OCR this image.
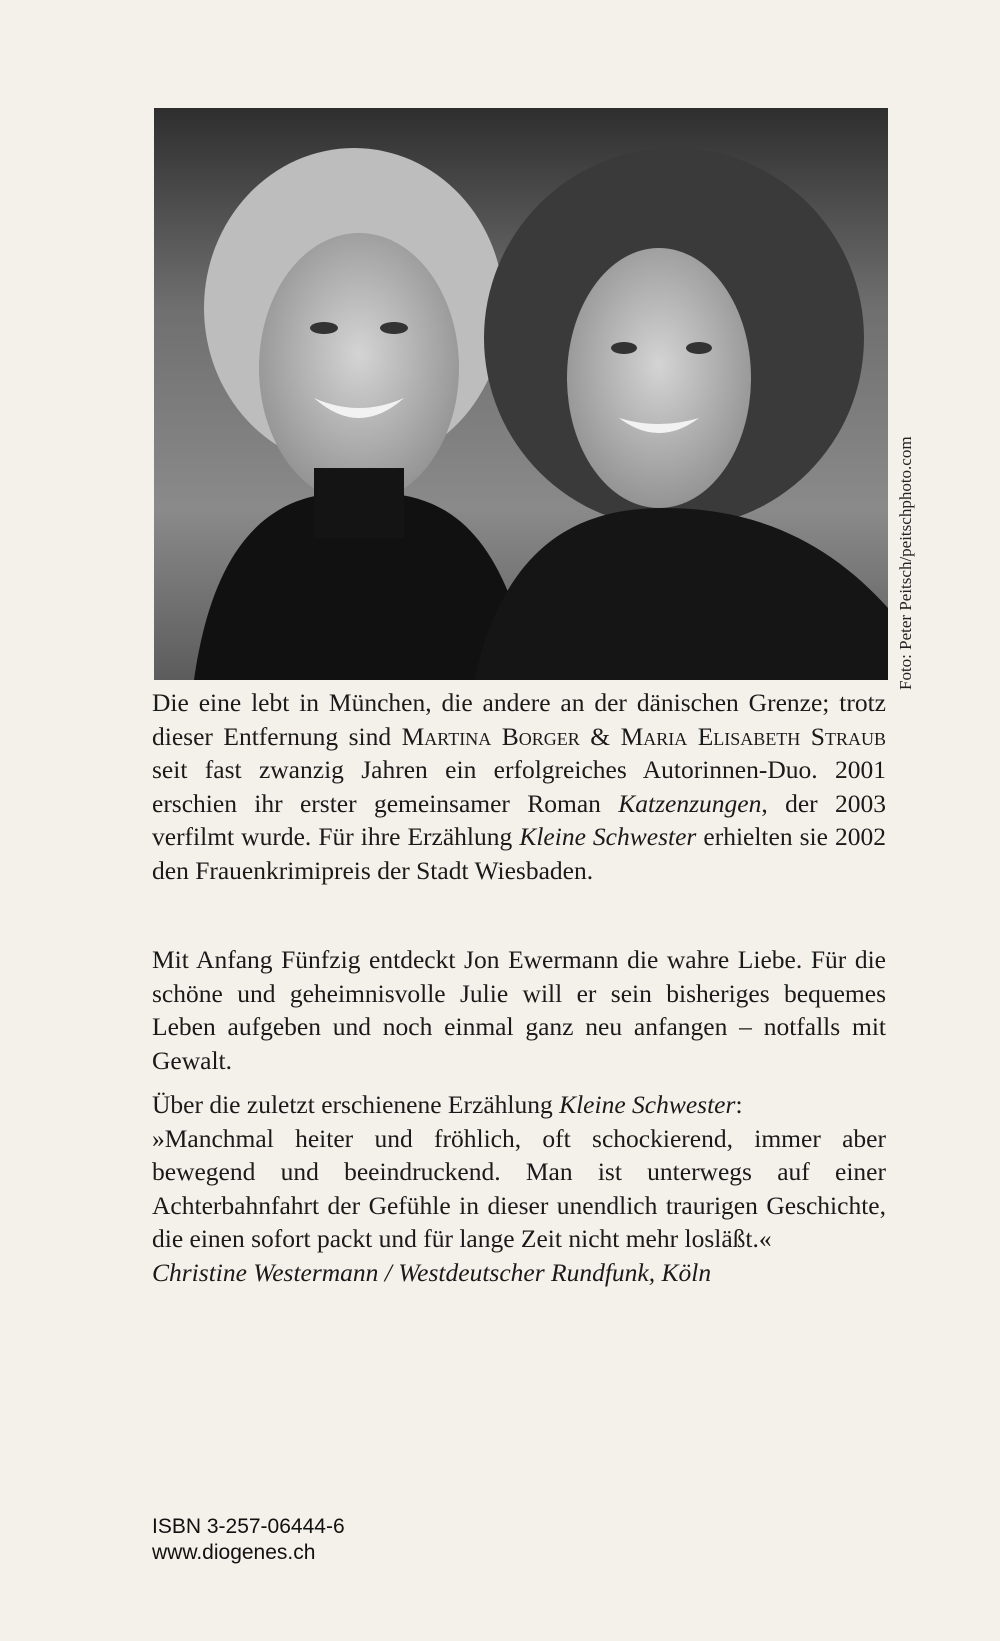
Foto: Peter Peitsch/peitschphoto.com

Die eine lebt in München, die andere an der dänischen Grenze; trotz dieser Entfernung sind Martina Borger & Maria Elisabeth Straub seit fast zwanzig Jahren ein erfolgreiches Autorinnen-Duo. 2001 erschien ihr erster gemeinsamer Roman Katzenzungen, der 2003 verfilmt wurde. Für ihre Erzählung Kleine Schwester erhielten sie 2002 den Frauenkrimipreis der Stadt Wiesbaden.

Mit Anfang Fünfzig entdeckt Jon Ewermann die wahre Liebe. Für die schöne und geheimnisvolle Julie will er sein bisheriges bequemes Leben aufgeben und noch einmal ganz neu anfangen – notfalls mit Gewalt.

Über die zuletzt erschienene Erzählung Kleine Schwester:

»Manchmal heiter und fröhlich, oft schockierend, immer aber bewegend und beeindruckend. Man ist unterwegs auf einer Achterbahnfahrt der Gefühle in dieser unendlich traurigen Geschichte, die einen sofort packt und für lange Zeit nicht mehr losläßt.«

Christine Westermann / Westdeutscher Rundfunk, Köln
ISBN 3-257-06444-6
www.diogenes.ch
